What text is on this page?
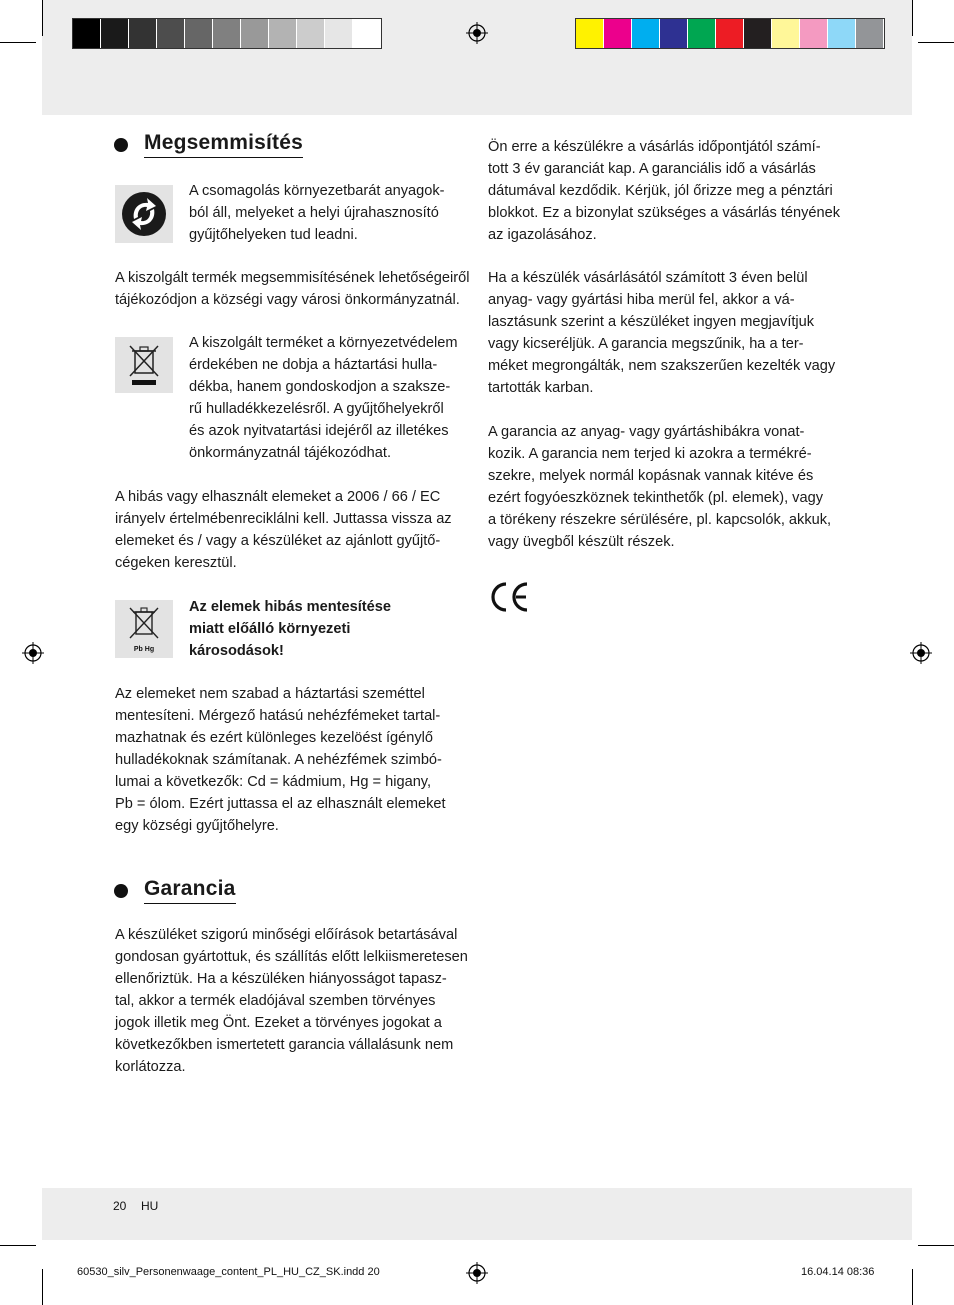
Megsemmisítés

A csomagolás környezetbarát anyagok-
ból áll, melyeket a helyi újrahasznosító
gyűjtőhelyeken tud leadni.

A kiszolgált termék megsemmisítésének lehetőségeiről
tájékozódjon a községi vagy városi önkormányzatnál.

A kiszolgált terméket a környezetvédelem
érdekében ne dobja a háztartási hulla-
dékba, hanem gondoskodjon a szaksze-
rű hulladékkezelésről. A gyűjtőhelyekről
és azok nyitvatartási idejéről az illetékes
önkormányzatnál tájékozódhat.

A hibás vagy elhasznált elemeket a 2006 / 66 / EC
irányelv értelmébenreciklálni kell. Juttassa vissza az
elemeket és / vagy a készüléket az ajánlott gyűjtő-
cégeken keresztül.

Pb Hg

Az elemek hibás mentesítése
miatt előálló környezeti
károsodások!

Az elemeket nem szabad a háztartási szeméttel
mentesíteni. Mérgező hatású nehézfémeket tartal-
mazhatnak és ezért különleges kezelöést ígénylő
hulladékoknak számítanak. A nehézfémek szimbó-
lumai a következők: Cd = kádmium, Hg = higany,
Pb = ólom. Ezért juttassa el az elhasznált elemeket
egy községi gyűjtőhelyre.

Garancia

A készüléket szigorú minőségi előírások betartásával
gondosan gyártottuk, és szállítás előtt lelkiismeretesen
ellenőriztük. Ha a készüléken hiányosságot tapasz-
tal, akkor a termék eladójával szemben törvényes
jogok illetik meg Önt. Ezeket a törvényes jogokat a
következőkben ismertetett garancia vállalásunk nem
korlátozza.

Ön erre a készülékre a vásárlás időpontjától számí-
tott 3 év garanciát kap. A garanciális idő a vásárlás
dátumával kezdődik. Kérjük, jól őrizze meg a pénztári
blokkot. Ez a bizonylat szükséges a vásárlás tényének
az igazolásához.

Ha a készülék vásárlásától számított 3 éven belül
anyag- vagy gyártási hiba merül fel, akkor a vá-
lasztásunk szerint a készüléket ingyen megjavítjuk
vagy kicseréljük. A garancia megszűnik, ha a ter-
méket megrongálták, nem szakszerűen kezelték vagy
tartották karban.

A garancia az anyag- vagy gyártáshibákra vonat-
kozik. A garancia nem terjed ki azokra a termékré-
szekre, melyek normál kopásnak vannak kitéve és
ezért fogyóeszköznek tekinthetők (pl. elemek), vagy
a törékeny részekre sérülésére, pl. kapcsolók, akkuk,
vagy üvegből készült részek.

CE
20 HU
60530_silv_Personenwaage_content_PL_HU_CZ_SK.indd 20	16.04.14 08:36
